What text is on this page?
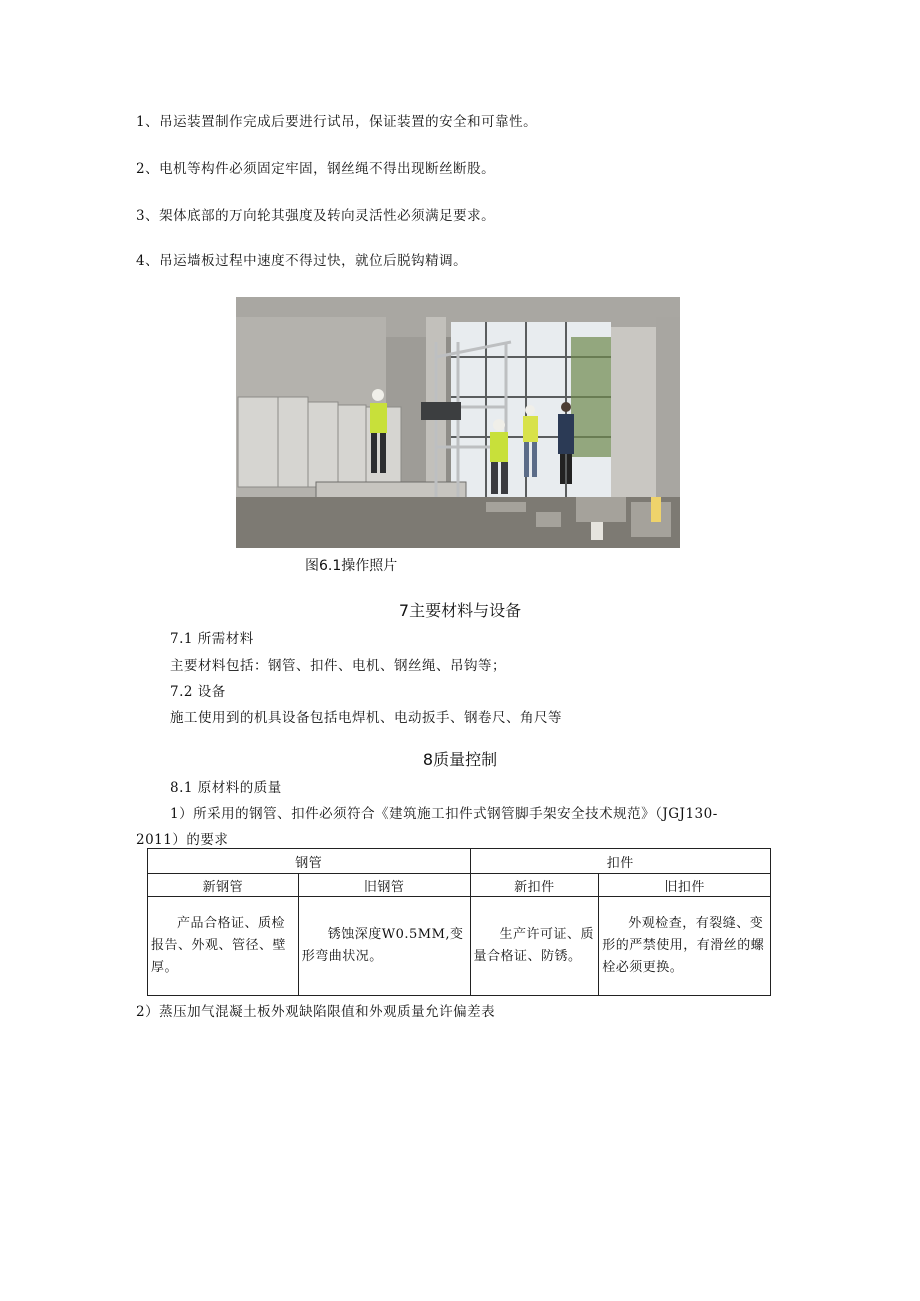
1、吊运装置制作完成后要进行试吊，保证装置的安全和可靠性。
2、电机等构件必须固定牢固，钢丝绳不得出现断丝断股。
3、架体底部的万向轮其强度及转向灵活性必须满足要求。
4、吊运墙板过程中速度不得过快，就位后脱钩精调。
图6.1操作照片
7主要材料与设备
7.1 所需材料
主要材料包括：钢管、扣件、电机、钢丝绳、吊钩等；
7.2 设备
施工使用到的机具设备包括电焊机、电动扳手、钢卷尺、角尺等
8质量控制
8.1 原材料的质量
1）所采用的钢管、扣件必须符合《建筑施工扣件式钢管脚手架安全技术规范》（JGJ130-
2011）的要求
钢管		扣件	
新钢管	旧钢管	新扣件	旧扣件
产品合格证、质检报告、外观、管径、壁厚。	锈蚀深度W0.5MM,变形弯曲状况。	生产许可证、质量合格证、防锈。	外观检查，有裂缝、变形的严禁使用，有滑丝的螺栓必须更换。
2）蒸压加气混凝土板外观缺陷限值和外观质量允许偏差表
